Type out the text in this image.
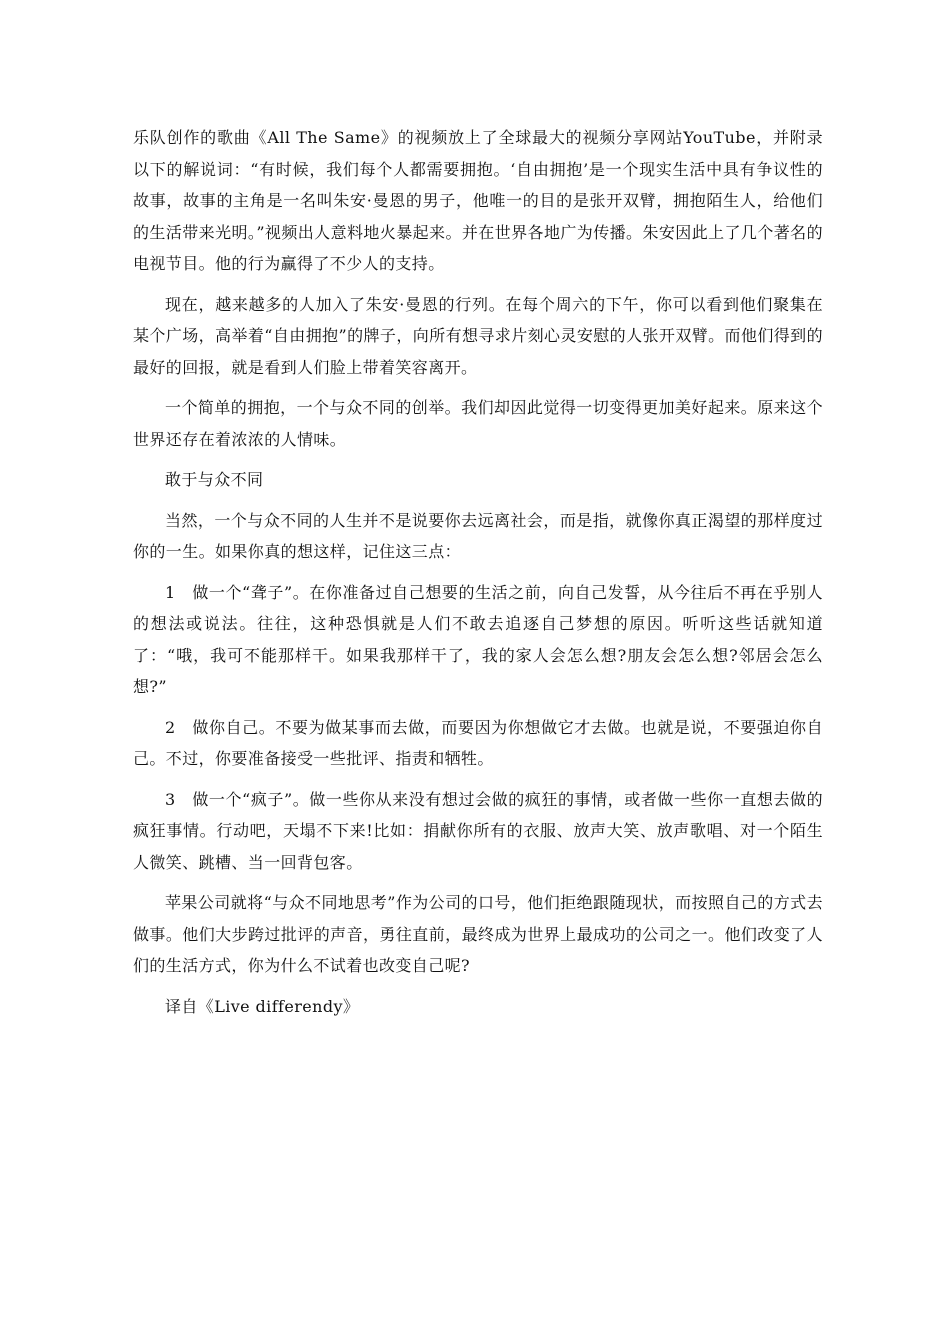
乐队创作的歌曲《All The Same》的视频放上了全球最大的视频分享网站YouTube，并附录以下的解说词：“有时候，我们每个人都需要拥抱。‘自由拥抱’是一个现实生活中具有争议性的故事，故事的主角是一名叫朱安·曼恩的男子，他唯一的目的是张开双臂，拥抱陌生人，给他们的生活带来光明。”视频出人意料地火暴起来。并在世界各地广为传播。朱安因此上了几个著名的电视节目。他的行为赢得了不少人的支持。

现在，越来越多的人加入了朱安·曼恩的行列。在每个周六的下午，你可以看到他们聚集在某个广场，高举着“自由拥抱”的牌子，向所有想寻求片刻心灵安慰的人张开双臂。而他们得到的最好的回报，就是看到人们脸上带着笑容离开。

一个简单的拥抱，一个与众不同的创举。我们却因此觉得一切变得更加美好起来。原来这个世界还存在着浓浓的人情味。

敢于与众不同

当然，一个与众不同的人生并不是说要你去远离社会，而是指，就像你真正渴望的那样度过你的一生。如果你真的想这样，记住这三点：

1　做一个“聋子”。在你准备过自己想要的生活之前，向自己发誓，从今往后不再在乎别人的想法或说法。往往，这种恐惧就是人们不敢去追逐自己梦想的原因。听听这些话就知道了：“哦，我可不能那样干。如果我那样干了，我的家人会怎么想?朋友会怎么想?邻居会怎么想?”

2　做你自己。不要为做某事而去做，而要因为你想做它才去做。也就是说，不要强迫你自己。不过，你要准备接受一些批评、指责和牺牲。

3　做一个“疯子”。做一些你从来没有想过会做的疯狂的事情，或者做一些你一直想去做的疯狂事情。行动吧，天塌不下来!比如：捐献你所有的衣服、放声大笑、放声歌唱、对一个陌生人微笑、跳槽、当一回背包客。

苹果公司就将“与众不同地思考”作为公司的口号，他们拒绝跟随现状，而按照自己的方式去做事。他们大步跨过批评的声音，勇往直前，最终成为世界上最成功的公司之一。他们改变了人们的生活方式，你为什么不试着也改变自己呢?

译自《Live differendy》
